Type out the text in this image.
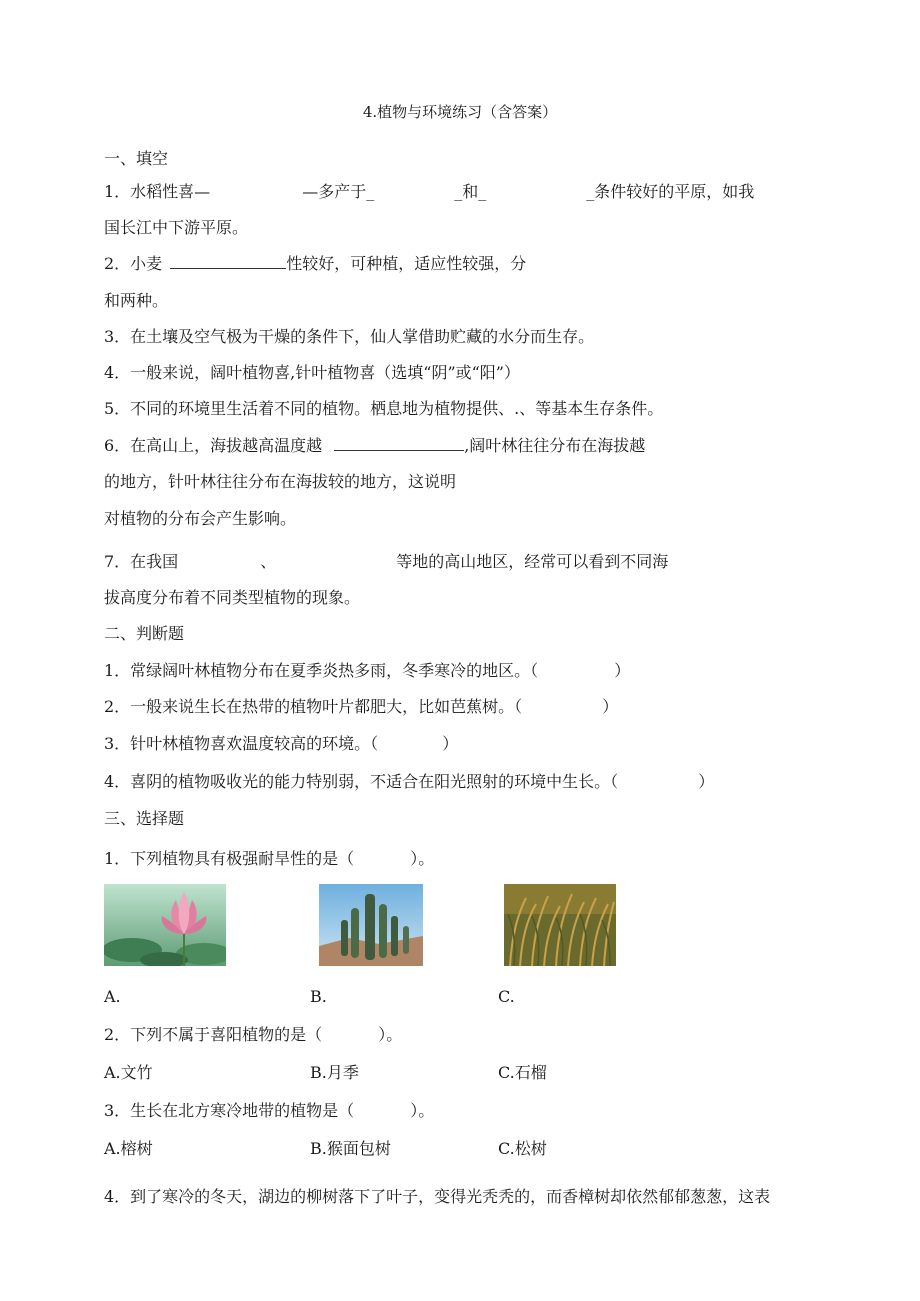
4.植物与环境练习（含答案）
一、填空
1．水稻性喜—	—多产于_	_和_	_条件较好的平原，如我
国长江中下游平原。
2．小麦	性较好，可种植，适应性较强，分
和两种。
3．在土壤及空气极为干燥的条件下，仙人掌借助贮藏的水分而生存。
4．一般来说，阔叶植物喜,针叶植物喜（选填“阴”或“阳”）
5．不同的环境里生活着不同的植物。栖息地为植物提供、.、等基本生存条件。
6．在高山上，海拔越高温度越	,阔叶林往往分布在海拔越
的地方，针叶林往往分布在海拔较的地方，这说明
对植物的分布会产生影响。
7．在我国	、	等地的高山地区，经常可以看到不同海
拔高度分布着不同类型植物的现象。
二、判断题
1．常绿阔叶林植物分布在夏季炎热多雨，冬季寒冷的地区。（	）
2．一般来说生长在热带的植物叶片都肥大，比如芭蕉树。（	）
3．针叶林植物喜欢温度较高的环境。（	）
4．喜阴的植物吸收光的能力特别弱，不适合在阳光照射的环境中生长。（	）
三、选择题
1．下列植物具有极强耐旱性的是（	）。
A.	B.	C.
2．下列不属于喜阳植物的是（	）。
A.文竹	B.月季	C.石榴
3．生长在北方寒冷地带的植物是（	）。
A.榕树	B.猴面包树	C.松树
4．到了寒冷的冬天，湖边的柳树落下了叶子，变得光秃秃的，而香樟树却依然郁郁葱葱，这表
